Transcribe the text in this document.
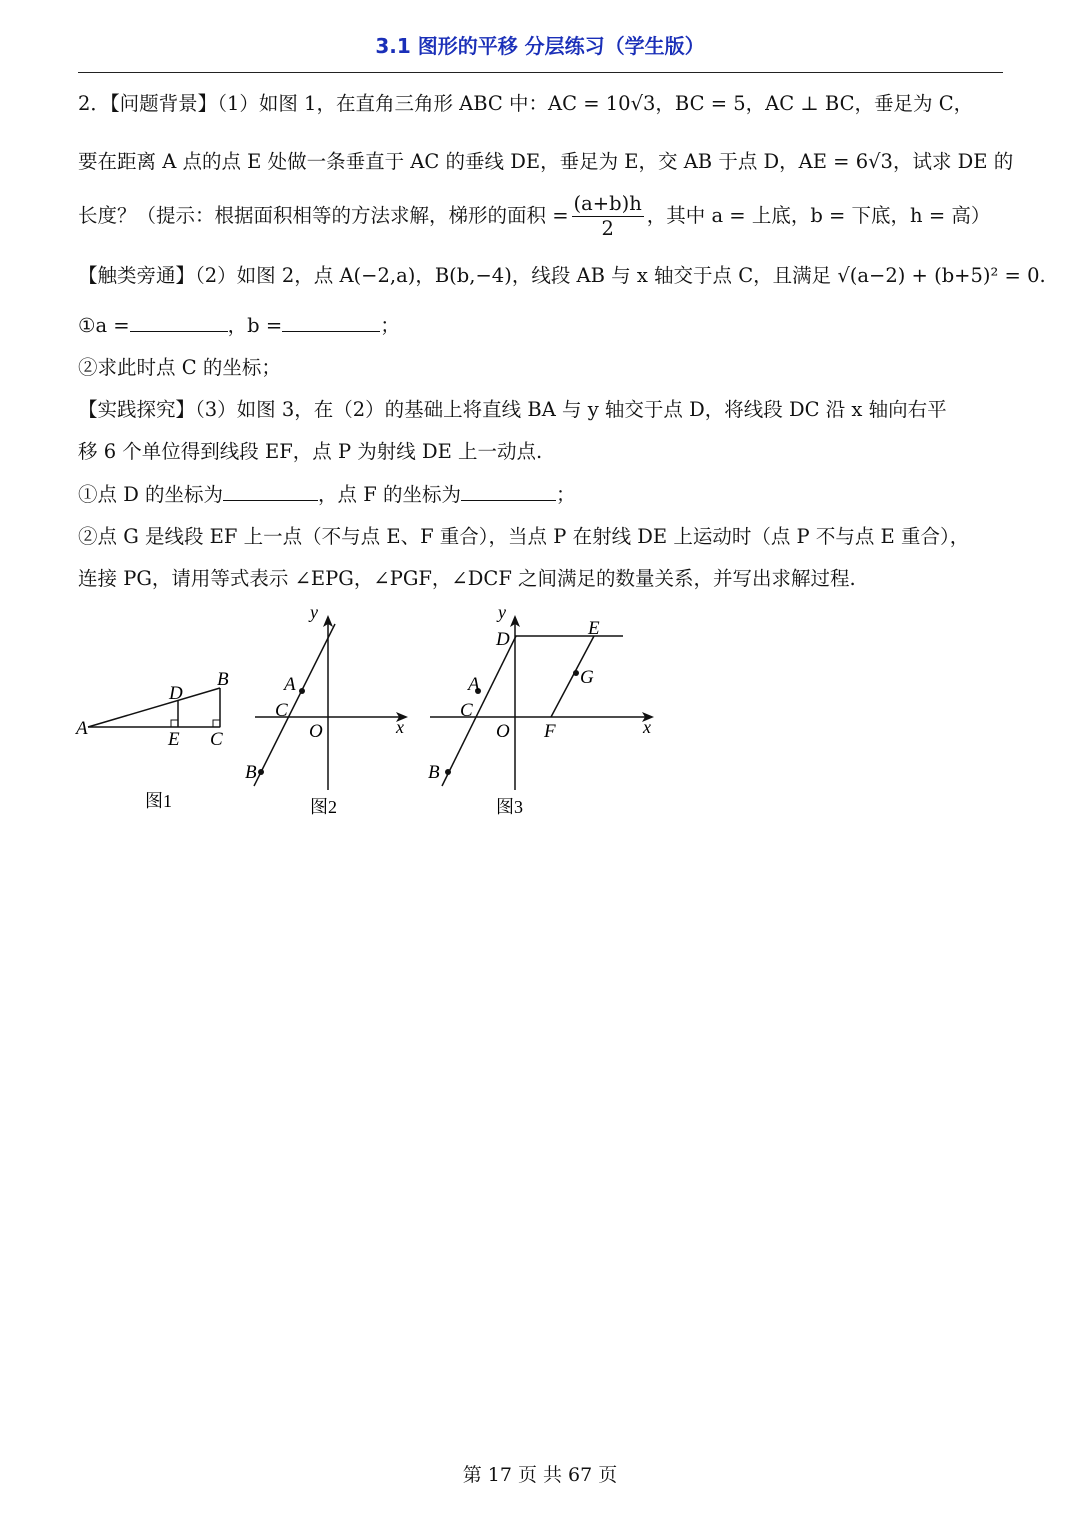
3.1 图形的平移 分层练习（学生版）
2．【问题背景】（1）如图 1，在直角三角形 ABC 中：AC = 10√3，BC = 5，AC ⊥ BC，垂足为 C，
要在距离 A 点的点 E 处做一条垂直于 AC 的垂线 DE，垂足为 E，交 AB 于点 D，AE = 6√3，试求 DE 的
长度？（提示：根据面积相等的方法求解，梯形的面积 = $\frac{(a+b)h}{2}$ ，其中 a = 上底，b = 下底，h = 高）
【触类旁通】（2）如图 2，点 A(−2,a)，B(b,−4)，线段 AB 与 x 轴交于点 C，且满足 √(a−2) + (b+5)² = 0.
①a =	，b =	；
②求此时点 C 的坐标；
【实践探究】（3）如图 3，在（2）的基础上将直线 BA 与 y 轴交于点 D，将线段 DC 沿 x 轴向右平
移 6 个单位得到线段 EF，点 P 为射线 DE 上一动点.
①点 D 的坐标为	，点 F 的坐标为	；
②点 G 是线段 EF 上一点（不与点 E、F 重合），当点 P 在射线 DE 上运动时（点 P 不与点 E 重合），
连接 PG，请用等式表示 ∠EPG，∠PGF，∠DCF 之间满足的数量关系，并写出求解过程.
A
B
C
D
E
图1
y
x
O
A
C
B
图2
y
x
D
E
G
F
O
A
C
B
图3
第 17 页 共 67 页
